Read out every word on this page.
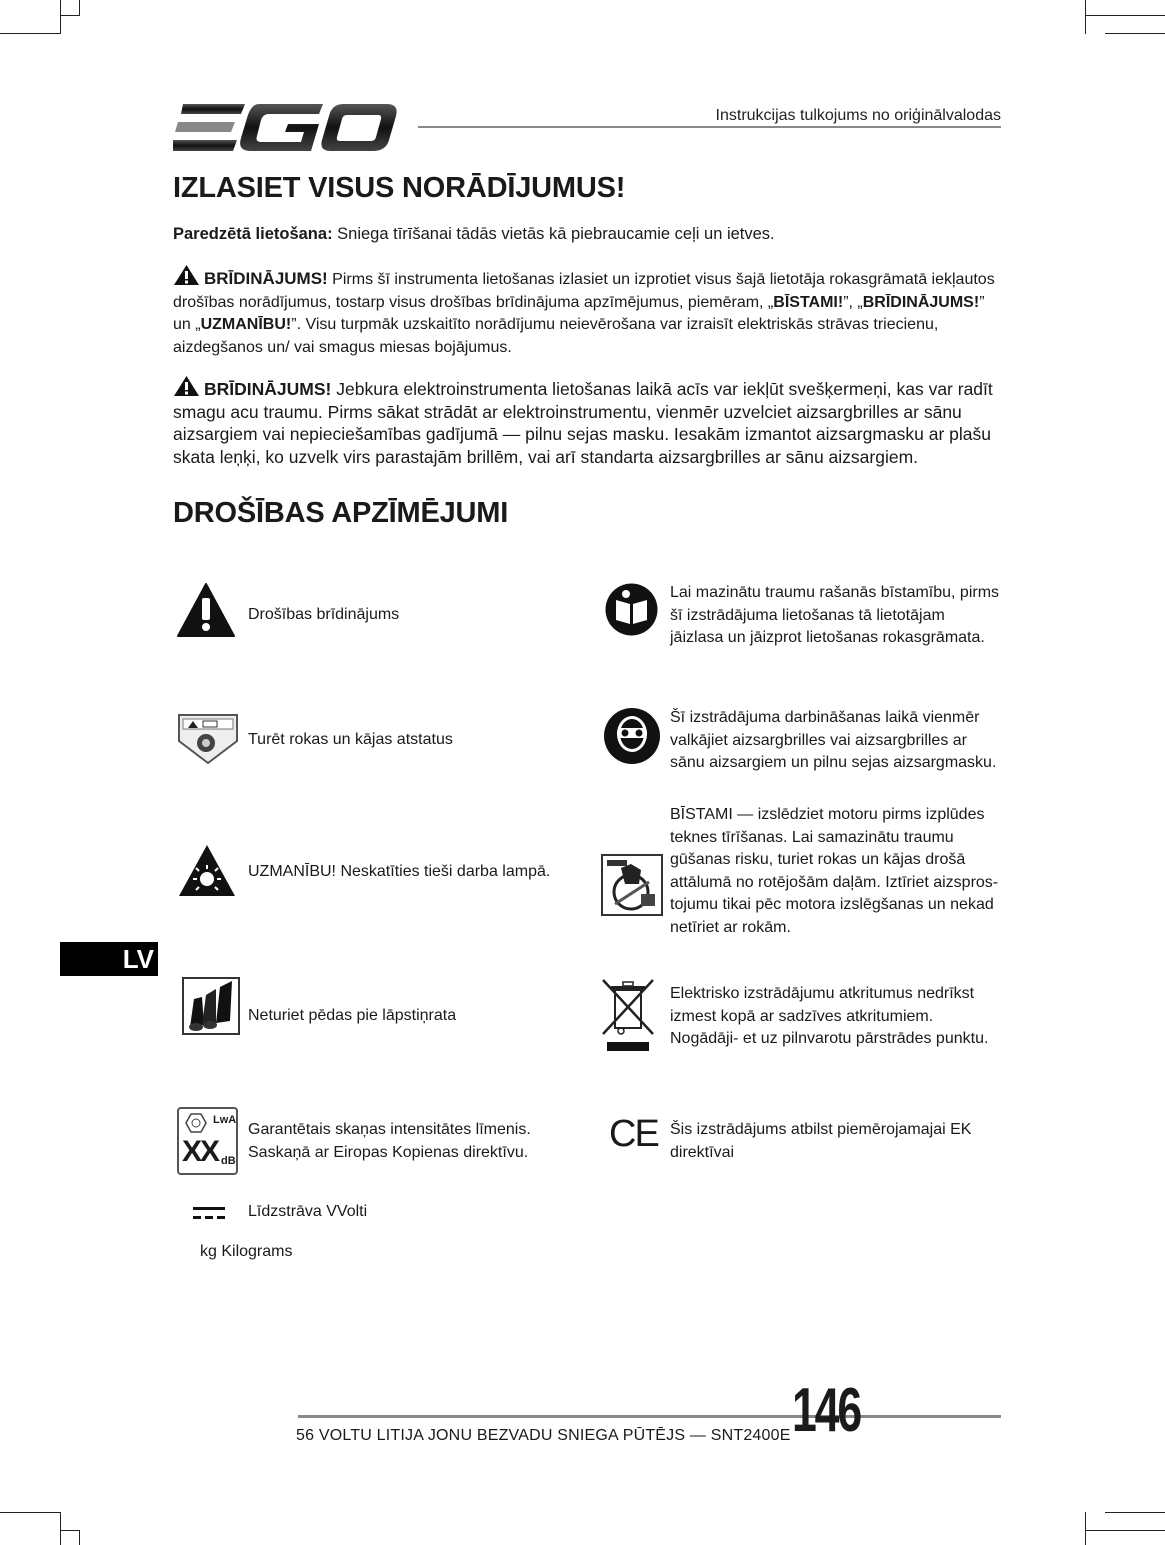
Instrukcijas tulkojums no oriģinālvalodas
IZLASIET VISUS NORĀDĪJUMUS!
Paredzētā lietošana: Sniega tīrīšanai tādās vietās kā piebraucamie ceļi un ietves.
BRĪDINĀJUMS! Pirms šī instrumenta lietošanas izlasiet un izprotiet visus šajā lietotāja rokasgrāmatā iekļautos drošības norādījumus, tostarp visus drošības brīdinājuma apzīmējumus, piemēram, „BĪSTAMI!”, „BRĪDINĀJUMS!” un „UZMANĪBU!”. Visu turpmāk uzskaitīto norādījumu neievērošana var izraisīt elektriskās strāvas triecienu, aizdegšanos un/ vai smagus miesas bojājumus.
BRĪDINĀJUMS! Jebkura elektroinstrumenta lietošanas laikā acīs var iekļūt svešķermeņi, kas var radīt smagu acu traumu. Pirms sākat strādāt ar elektroinstrumentu, vienmēr uzvelciet aizsargbrilles ar sānu aizsargiem vai nepieciešamības gadījumā — pilnu sejas masku. Iesakām izmantot aizsargmasku ar plašu skata leņķi, ko uzvelk virs parastajām brillēm, vai arī standarta aizsargbrilles ar sānu aizsargiem.
DROŠĪBAS APZĪMĒJUMI
Drošības brīdinājums
Turēt rokas un kājas atstatus
UZMANĪBU! Neskatīties tieši darba lampā.
Neturiet pēdas pie lāpstiņrata
LwA
XX dB
Garantētais skaņas intensitātes līmenis.
Saskaņā ar Eiropas Kopienas direktīvu.
Līdzstrāva VVolti
kg Kilograms
Lai mazinātu traumu rašanās bīstamību, pirms šī izstrādājuma lietošanas tā lietotājam jāizlasa un jāizprot lietošanas rokasgrāmata.
Šī izstrādājuma darbināšanas laikā vienmēr valkājiet aizsargbrilles vai aizsargbrilles ar sānu aizsargiem un pilnu sejas aizsargmasku.
BĪSTAMI — izslēdziet motoru pirms izplūdes teknes tīrīšanas. Lai samazinātu traumu gūšanas risku, turiet rokas un kājas drošā attālumā no rotējošām daļām. Iztīriet aizspros- tojumu tikai pēc motora izslēgšanas un nekad netīriet ar rokām.
Elektrisko izstrādājumu atkritumus nedrīkst izmest kopā ar sadzīves atkritumiem. Nogādāji- et uz pilnvarotu pārstrādes punktu.
CE Šis izstrādājums atbilst piemērojamajai EK direktīvai
LV
56 VOLTU LITIJA JONU BEZVADU SNIEGA PŪTĒJS — SNT2400E 146
